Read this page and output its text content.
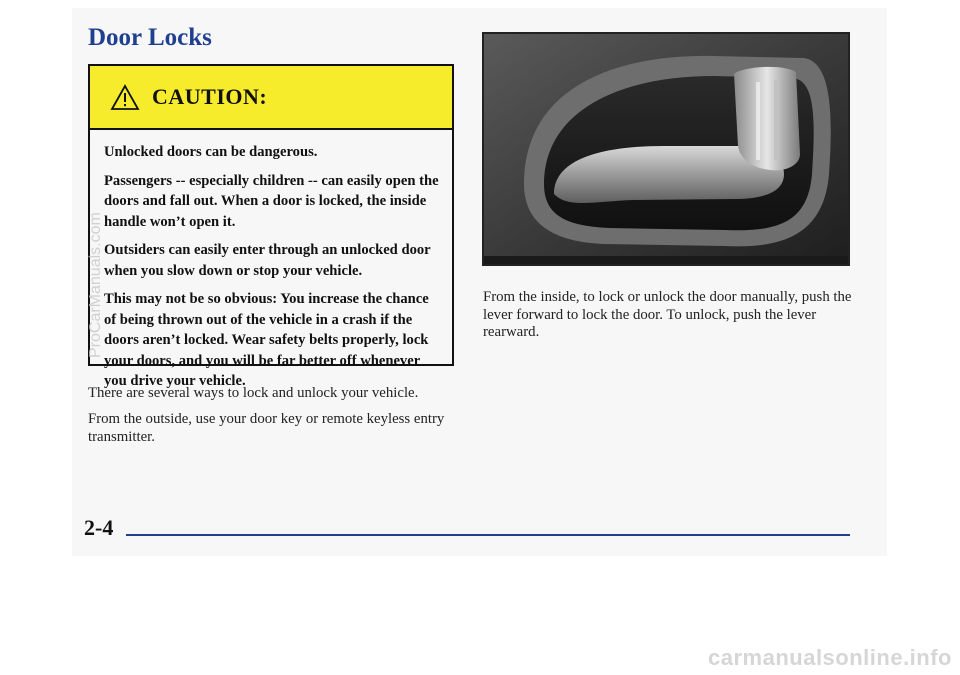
Door Locks
CAUTION:

Unlocked doors can be dangerous.

Passengers -- especially children -- can easily open the doors and fall out. When a door is locked, the inside handle won’t open it.

Outsiders can easily enter through an unlocked door when you slow down or stop your vehicle.

This may not be so obvious: You increase the chance of being thrown out of the vehicle in a crash if the doors aren’t locked. Wear safety belts properly, lock your doors, and you will be far better off whenever you drive your vehicle.

There are several ways to lock and unlock your vehicle.

From the outside, use your door key or remote keyless entry transmitter.

From the inside, to lock or unlock the door manually, push the lever forward to lock the door. To unlock, push the lever rearward.

2-4
ProCarManuals.com
carmanualsonline.info
